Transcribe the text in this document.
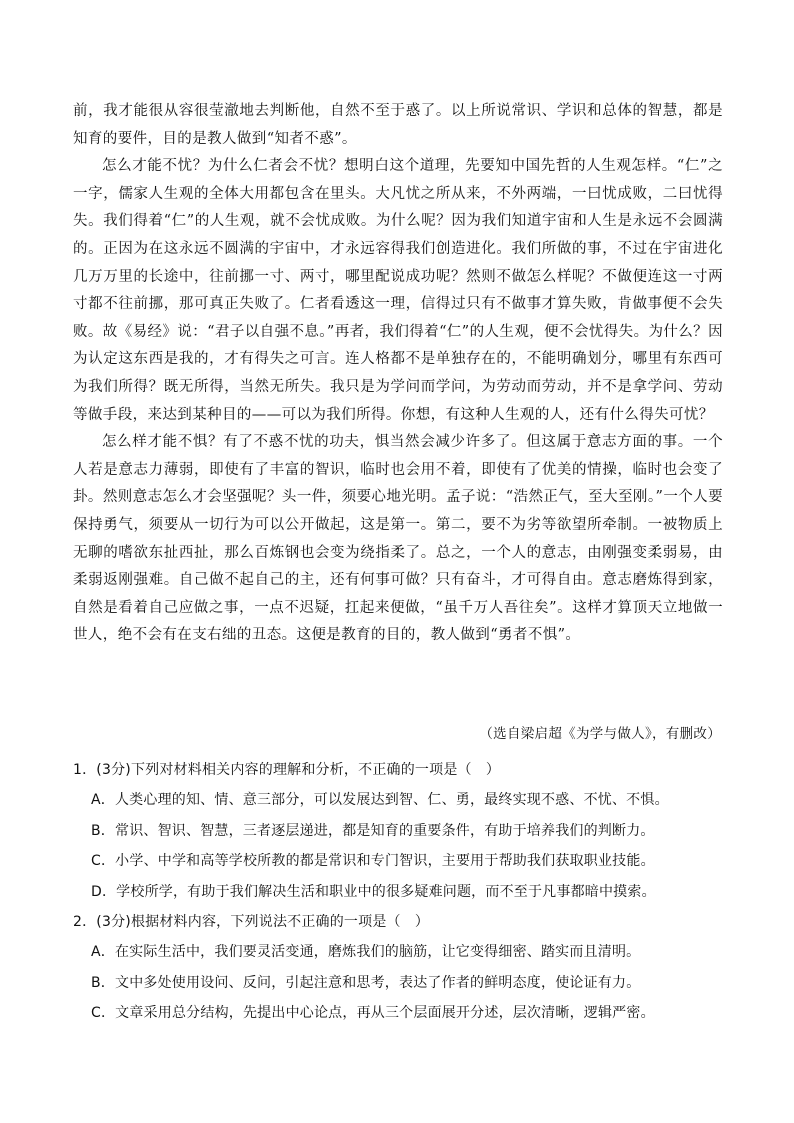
前，我才能很从容很莹澈地去判断他，自然不至于惑了。以上所说常识、学识和总体的智慧，都是知育的要件，目的是教人做到“知者不惑”。

怎么才能不忧？为什么仁者会不忧？想明白这个道理，先要知中国先哲的人生观怎样。“仁”之一字，儒家人生观的全体大用都包含在里头。大凡忧之所从来，不外两端，一曰忧成败，二曰忧得失。我们得着“仁”的人生观，就不会忧成败。为什么呢？因为我们知道宇宙和人生是永远不会圆满的。正因为在这永远不圆满的宇宙中，才永远容得我们创造进化。我们所做的事，不过在宇宙进化几万万里的长途中，往前挪一寸、两寸，哪里配说成功呢？然则不做怎么样呢？不做便连这一寸两寸都不往前挪，那可真正失败了。仁者看透这一理，信得过只有不做事才算失败，肯做事便不会失败。故《易经》说：“君子以自强不息。”再者，我们得着“仁”的人生观，便不会忧得失。为什么？因为认定这东西是我的，才有得失之可言。连人格都不是单独存在的，不能明确划分，哪里有东西可为我们所得？既无所得，当然无所失。我只是为学问而学问，为劳动而劳动，并不是拿学问、劳动等做手段，来达到某种目的——可以为我们所得。你想，有这种人生观的人，还有什么得失可忧？

怎么样才能不惧？有了不惑不忧的功夫，惧当然会减少许多了。但这属于意志方面的事。一个人若是意志力薄弱，即使有了丰富的智识，临时也会用不着，即使有了优美的情操，临时也会变了卦。然则意志怎么才会坚强呢？头一件，须要心地光明。孟子说：“浩然正气，至大至刚。”一个人要保持勇气，须要从一切行为可以公开做起，这是第一。第二，要不为劣等欲望所牵制。一被物质上无聊的嗜欲东扯西扯，那么百炼钢也会变为绕指柔了。总之，一个人的意志，由刚强变柔弱易，由柔弱返刚强难。自己做不起自己的主，还有何事可做？只有奋斗，才可得自由。意志磨炼得到家，自然是看着自己应做之事，一点不迟疑，扛起来便做，“虽千万人吾往矣”。这样才算顶天立地做一世人，绝不会有在支右绌的丑态。这便是教育的目的，教人做到“勇者不惧”。

（选自梁启超《为学与做人》，有删改）

1．(3分)下列对材料相关内容的理解和分析，不正确的一项是（　）

A．人类心理的知、情、意三部分，可以发展达到智、仁、勇，最终实现不惑、不忧、不惧。

B．常识、智识、智慧，三者逐层递进，都是知育的重要条件，有助于培养我们的判断力。

C．小学、中学和高等学校所教的都是常识和专门智识，主要用于帮助我们获取职业技能。

D．学校所学，有助于我们解决生活和职业中的很多疑难问题，而不至于凡事都暗中摸索。

2．(3分)根据材料内容，下列说法不正确的一项是（　）

A．在实际生活中，我们要灵活变通，磨炼我们的脑筋，让它变得细密、踏实而且清明。

B．文中多处使用设问、反问，引起注意和思考，表达了作者的鲜明态度，使论证有力。

C．文章采用总分结构，先提出中心论点，再从三个层面展开分述，层次清晰，逻辑严密。
